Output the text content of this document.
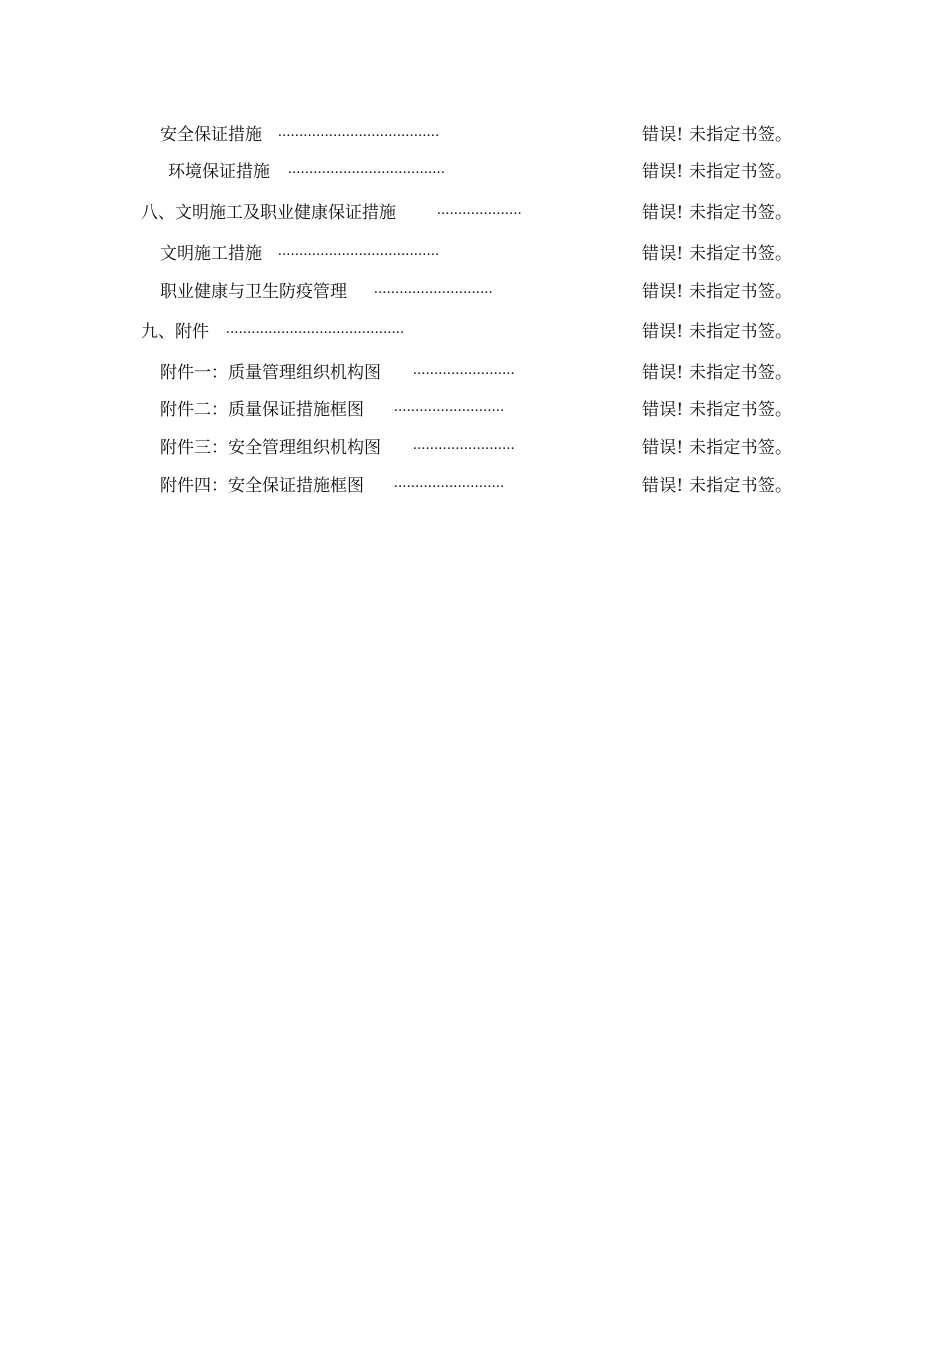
安全保证措施 ......................................	错误! 未指定书签。
环境保证措施 .....................................	错误! 未指定书签。
八、文明施工及职业健康保证措施	....................	错误! 未指定书签。
文明施工措施 ......................................	错误! 未指定书签。
职业健康与卫生防疫管理 ............................	错误! 未指定书签。
九、附件 ..........................................	错误! 未指定书签。
附件一：质量管理组织机构图 ........................	错误! 未指定书签。
附件二：质量保证措施框图 ..........................	错误! 未指定书签。
附件三：安全管理组织机构图 ........................	错误! 未指定书签。
附件四：安全保证措施框图 ..........................	错误! 未指定书签。
